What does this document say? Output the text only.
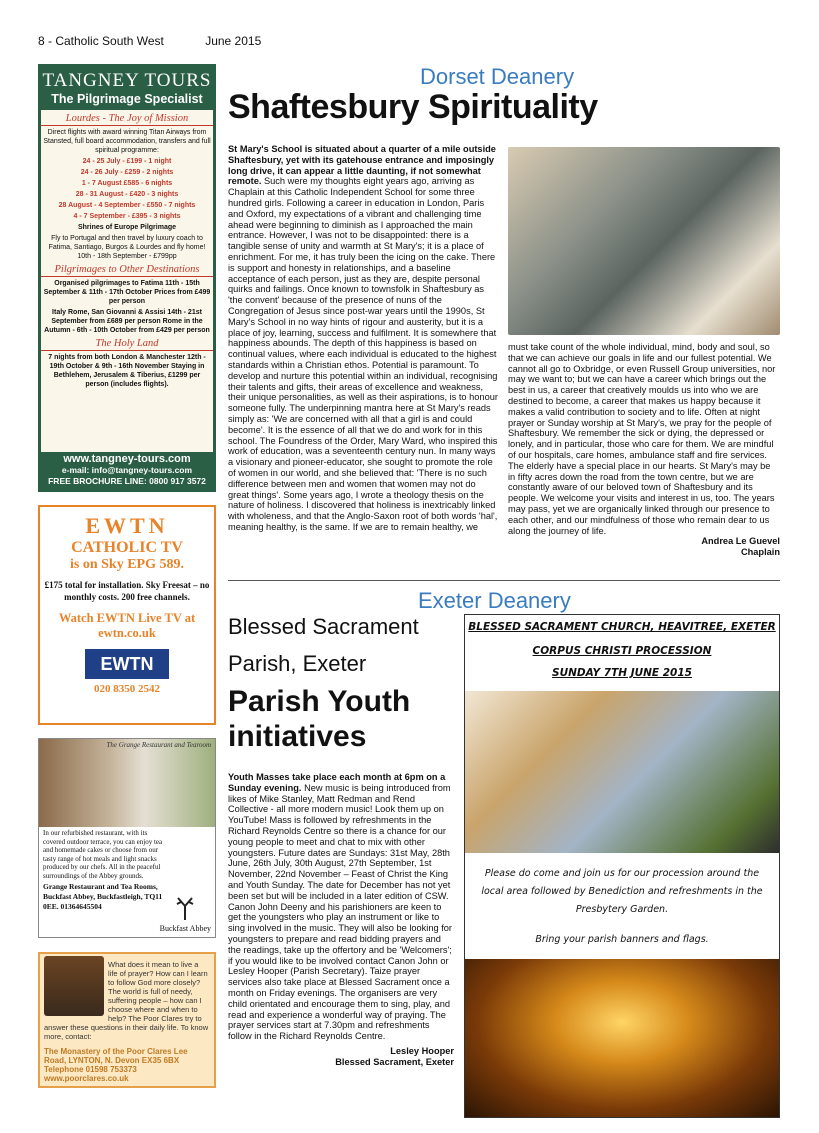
8 - Catholic South West	June 2015
TANGNEY TOURS
The Pilgrimage Specialist
Lourdes - The Joy of Mission

Direct flights with award winning Titan Airways from Stansted, full board accommodation, transfers and full spiritual programme:

24 - 25 July - £199 - 1 night

24 - 26 July - £259 - 2 nights

1 - 7 August £585 - 6 nights

28 - 31 August - £420 - 3 nights

28 August - 4 September - £550 - 7 nights

4 - 7 September - £395 - 3 nights

Shrines of Europe Pilgrimage

Fly to Portugal and then travel by luxury coach to Fatima, Santiago, Burgos & Lourdes and fly home! 10th - 18th September - £799pp

Pilgrimages to Other Destinations

Organised pilgrimages to Fatima 11th - 15th September & 11th - 17th October Prices from £499 per person

Italy Rome, San Giovanni & Assisi 14th - 21st September from £689 per person Rome in the Autumn - 6th - 10th October from £429 per person

The Holy Land

7 nights from both London & Manchester 12th - 19th October & 9th - 16th November Staying in Bethlehem, Jerusalem & Tiberius, £1299 per person (includes flights).

www.tangney-tours.com
e-mail: info@tangney-tours.com
FREE BROCHURE LINE: 0800 917 3572
EWTN
CATHOLIC TV
is on Sky EPG 589.
£175 total for installation. Sky Freesat – no monthly costs. 200 free channels.
Watch EWTN Live TV at ewtn.co.uk
EWTN
020 8350 2542
The Grange Restaurant and Tearoom

In our refurbished restaurant, with its covered outdoor terrace, you can enjoy tea and homemade cakes or choose from our tasty range of hot meals and light snacks produced by our chefs. All in the peaceful surroundings of the Abbey grounds.

Grange Restaurant and Tea Rooms, Buckfast Abbey, Buckfastleigh, TQ11 0EE. 01364645504
Buckfast Abbey

What does it mean to live a life of prayer? How can I learn to follow God more closely? The world is full of needy, suffering people – how can I choose where and when to help? The Poor Clares try to answer these questions in their daily life. To know more, contact:

The Monastery of the Poor Clares Lee Road, LYNTON, N. Devon EX35 6BX Telephone 01598 753373 www.poorclares.co.uk
Dorset Deanery
Shaftesbury Spirituality
St Mary's School is situated about a quarter of a mile outside Shaftesbury, yet with its gatehouse entrance and imposingly long drive, it can appear a little daunting, if not somewhat remote. Such were my thoughts eight years ago, arriving as Chaplain at this Catholic Independent School for some three hundred girls. Following a career in education in London, Paris and Oxford, my expectations of a vibrant and challenging time ahead were beginning to diminish as I approached the main entrance. However, I was not to be disappointed: there is a tangible sense of unity and warmth at St Mary's; it is a place of enrichment. For me, it has truly been the icing on the cake. There is support and honesty in relationships, and a baseline acceptance of each person, just as they are, despite personal quirks and failings. Once known to townsfolk in Shaftesbury as 'the convent' because of the presence of nuns of the Congregation of Jesus since post-war years until the 1990s, St Mary's School in no way hints of rigour and austerity, but it is a place of joy, learning, success and fulfilment. It is somewhere that happiness abounds. The depth of this happiness is based on continual values, where each individual is educated to the highest standards within a Christian ethos. Potential is paramount. To develop and nurture this potential within an individual, recognising their talents and gifts, their areas of excellence and weakness, their unique personalities, as well as their aspirations, is to honour someone fully. The underpinning mantra here at St Mary's reads simply as: 'We are concerned with all that a girl is and could become'. It is the essence of all that we do and work for in this school. The Foundress of the Order, Mary Ward, who inspired this work of education, was a seventeenth century nun. In many ways a visionary and pioneer-educator, she sought to promote the role of women in our world, and she believed that: 'There is no such difference between men and women that women may not do great things'. Some years ago, I wrote a theology thesis on the nature of holiness. I discovered that holiness is inextricably linked with wholeness, and that the Anglo-Saxon root of both words 'hal', meaning healthy, is the same. If we are to remain healthy, we
must take count of the whole individual, mind, body and soul, so that we can achieve our goals in life and our fullest potential. We cannot all go to Oxbridge, or even Russell Group universities, nor may we want to; but we can have a career which brings out the best in us, a career that creatively moulds us into who we are destined to become, a career that makes us happy because it makes a valid contribution to society and to life. Often at night prayer or Sunday worship at St Mary's, we pray for the people of Shaftesbury. We remember the sick or dying, the depressed or lonely, and in particular, those who care for them. We are mindful of our hospitals, care homes, ambulance staff and fire services. The elderly have a special place in our hearts. St Mary's may be in fifty acres down the road from the town centre, but we are constantly aware of our beloved town of Shaftesbury and its people. We welcome your visits and interest in us, too. The years may pass, yet we are organically linked through our presence to each other, and our mindfulness of those who remain dear to us along the journey of life.
Andrea Le Guevel
Chaplain
Exeter Deanery
Blessed Sacrament
Parish, Exeter
Parish Youth initiatives
Youth Masses take place each month at 6pm on a Sunday evening. New music is being introduced from likes of Mike Stanley, Matt Redman and Rend Collective - all more modern music! Look them up on YouTube! Mass is followed by refreshments in the Richard Reynolds Centre so there is a chance for our young people to meet and chat to mix with other youngsters. Future dates are Sundays: 31st May, 28th June, 26th July, 30th August, 27th September, 1st November, 22nd November – Feast of Christ the King and Youth Sunday. The date for December has not yet been set but will be included in a later edition of CSW. Canon John Deeny and his parishioners are keen to get the youngsters who play an instrument or like to sing involved in the music. They will also be looking for youngsters to prepare and read bidding prayers and the readings, take up the offertory and be 'Welcomers'; if you would like to be involved contact Canon John or Lesley Hooper (Parish Secretary). Taize prayer services also take place at Blessed Sacrament once a month on Friday evenings. The organisers are very child orientated and encourage them to sing, play, and read and experience a wonderful way of praying. The prayer services start at 7.30pm and refreshments follow in the Richard Reynolds Centre.
Lesley Hooper
Blessed Sacrament, Exeter
BLESSED SACRAMENT CHURCH, HEAVITREE, EXETER
CORPUS CHRISTI PROCESSION
SUNDAY 7TH JUNE 2015
Please do come and join us for our procession around the local area followed by Benediction and refreshments in the Presbytery Garden.
Bring your parish banners and flags.
